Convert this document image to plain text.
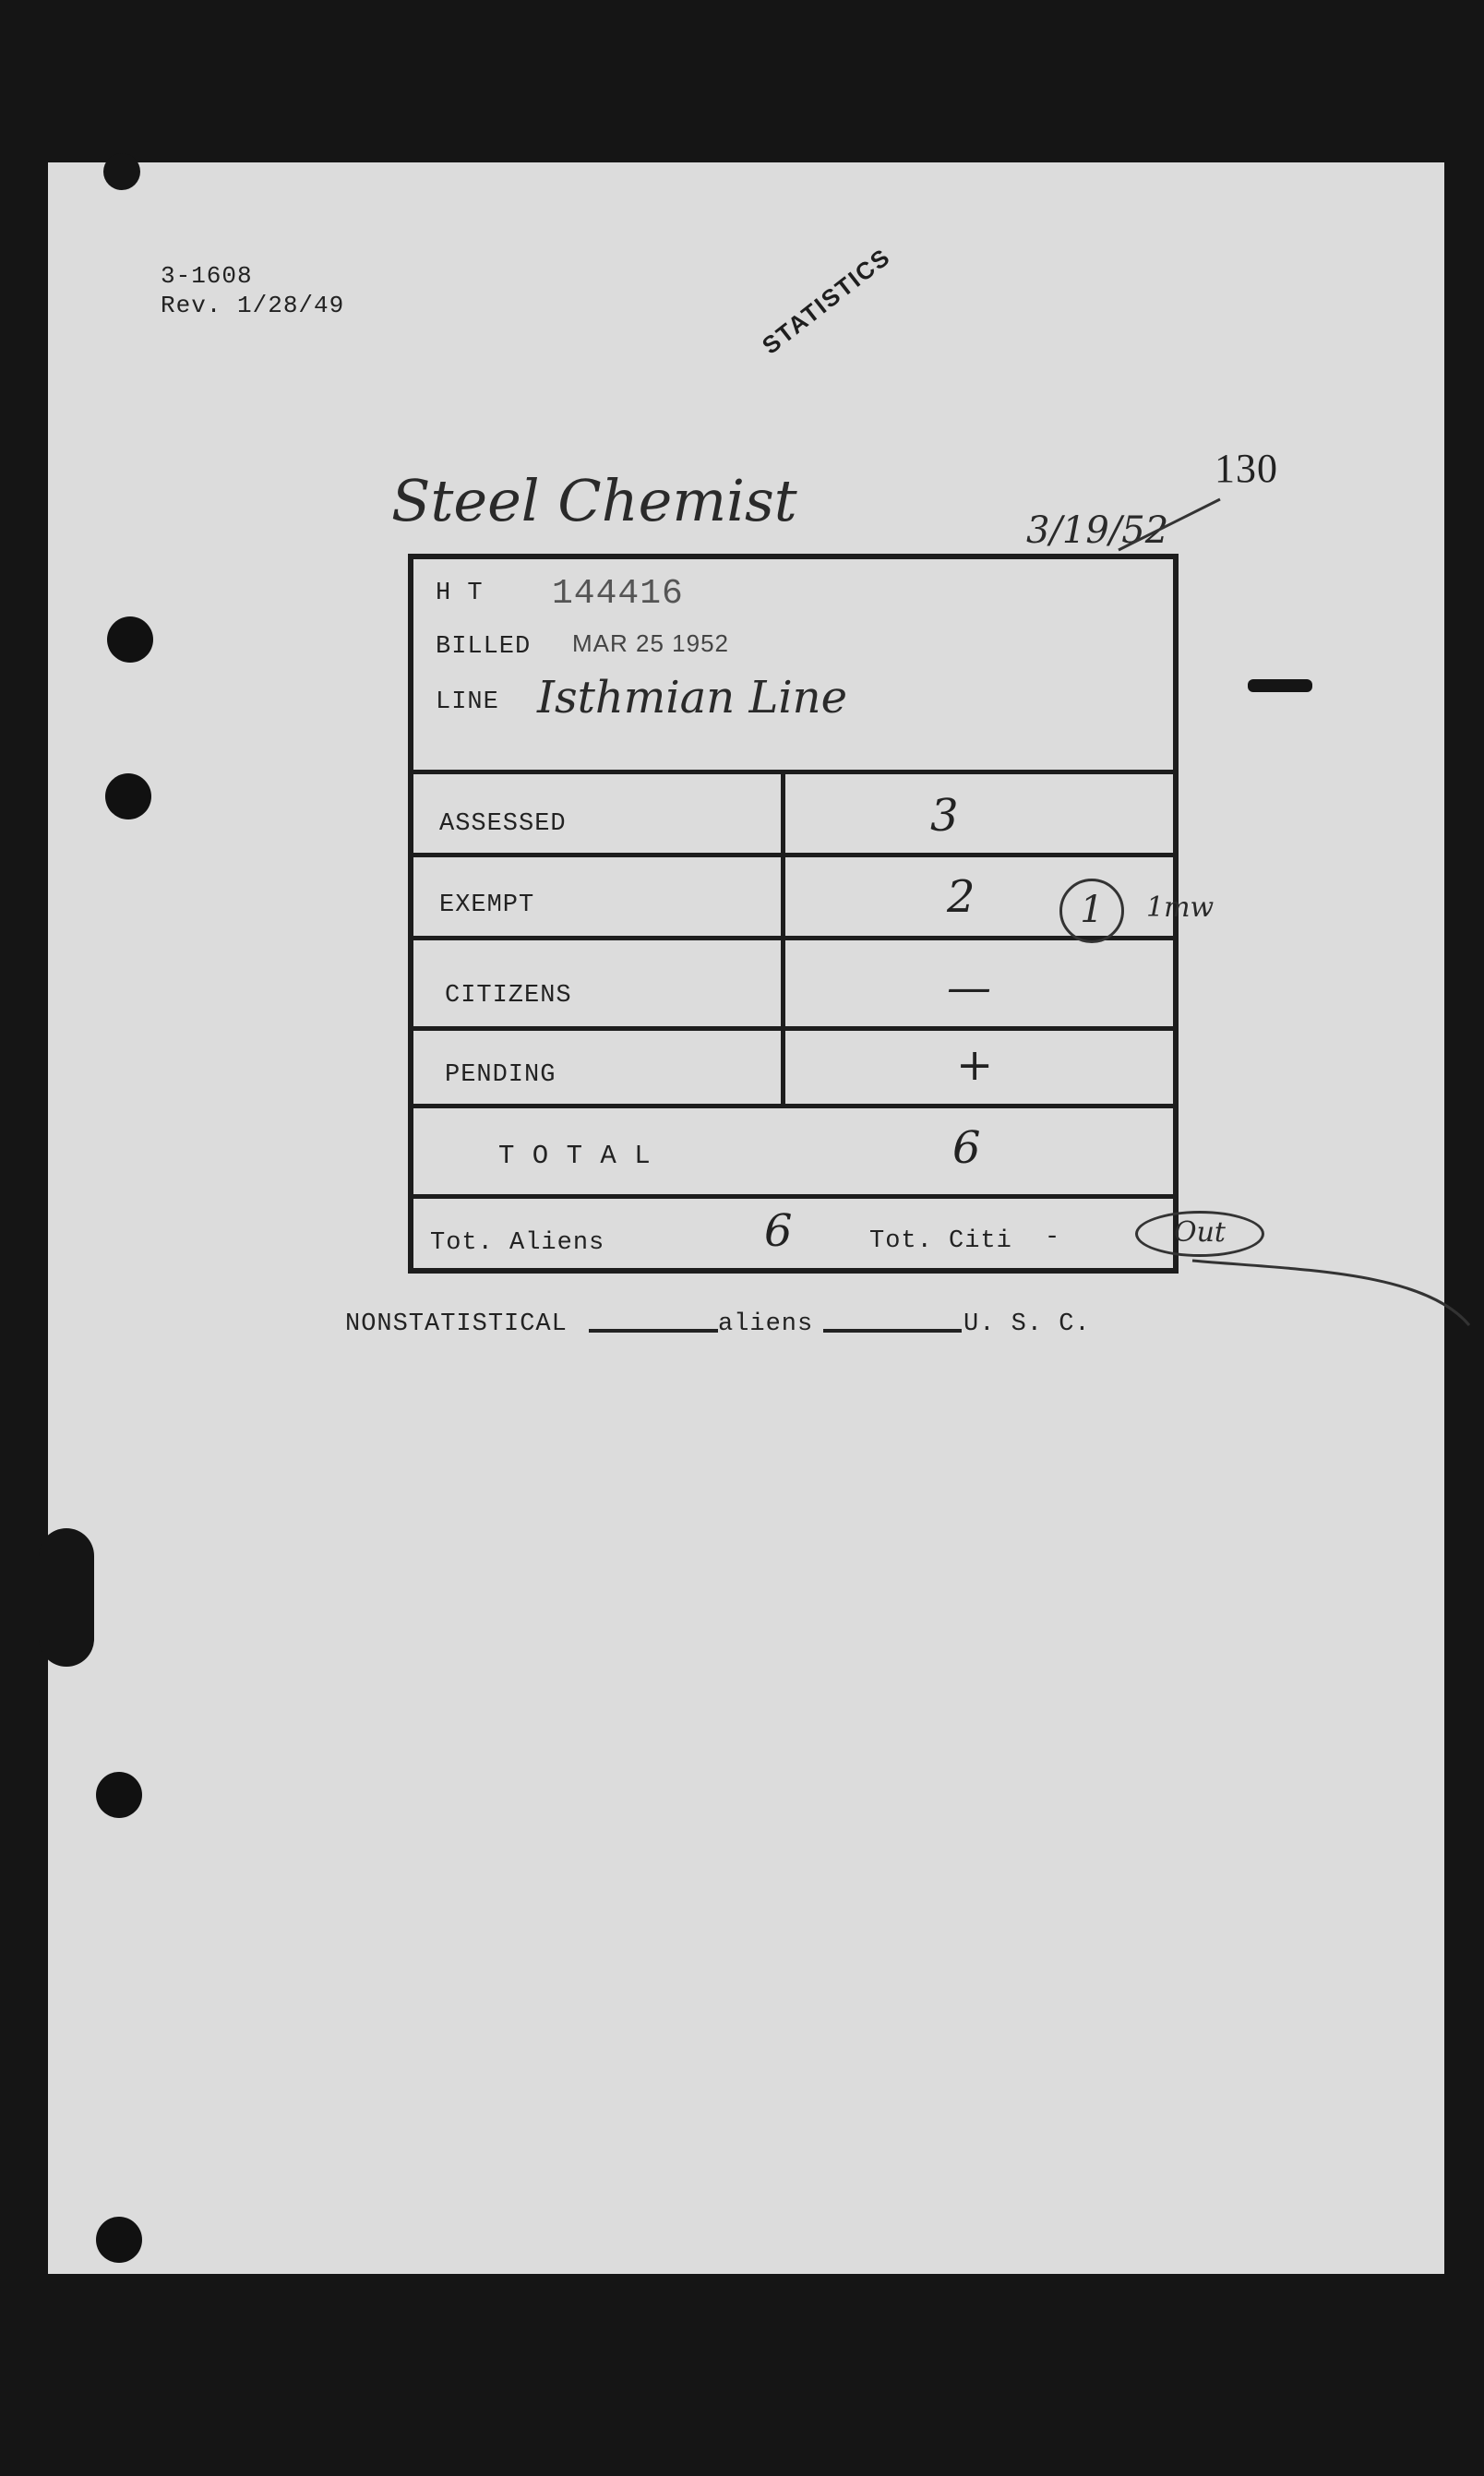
3-1608
Rev. 1/28/49	STATISTICS
130
Steel Chemist	3/19/52
H T 144416
BILLED MAR 25 1952
LINE Isthmian Line
ASSESSED	3
EXEMPT	2
CITIZENS	—
PENDING	+
T O T A L	6
Tot. Aliens	6	Tot. Citi -
1	1mw
Out
NONSTATISTICAL	aliens	U. S. C.
